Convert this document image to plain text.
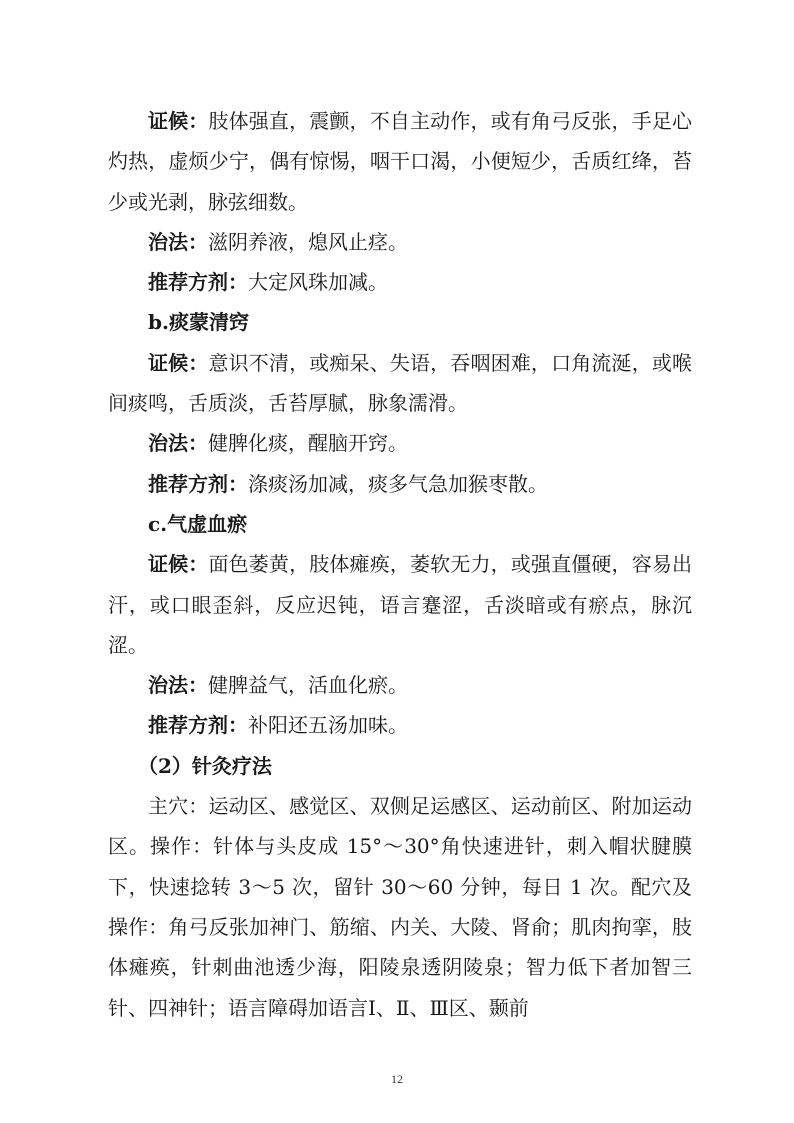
证候：肢体强直，震颤，不自主动作，或有角弓反张，手足心灼热，虚烦少宁，偶有惊惕，咽干口渴，小便短少，舌质红绛，苔少或光剥，脉弦细数。

治法：滋阴养液，熄风止痉。

推荐方剂：大定风珠加减。

b.痰蒙清窍

证候：意识不清，或痴呆、失语，吞咽困难，口角流涎，或喉间痰鸣，舌质淡，舌苔厚腻，脉象濡滑。

治法：健脾化痰，醒脑开窍。

推荐方剂：涤痰汤加减，痰多气急加猴枣散。

c.气虚血瘀

证候：面色萎黄，肢体瘫痪，萎软无力，或强直僵硬，容易出汗，或口眼歪斜，反应迟钝，语言蹇涩，舌淡暗或有瘀点，脉沉涩。

治法：健脾益气，活血化瘀。

推荐方剂：补阳还五汤加味。

（2）针灸疗法

主穴：运动区、感觉区、双侧足运感区、运动前区、附加运动区。操作：针体与头皮成 15°～30°角快速进针，刺入帽状腱膜下，快速捻转 3～5 次，留针 30～60 分钟，每日 1 次。配穴及操作：角弓反张加神门、筋缩、内关、大陵、肾俞；肌肉拘挛，肢体瘫痪，针刺曲池透少海，阳陵泉透阴陵泉；智力低下者加智三针、四神针；语言障碍加语言Ⅰ、Ⅱ、Ⅲ区、颞前

12
